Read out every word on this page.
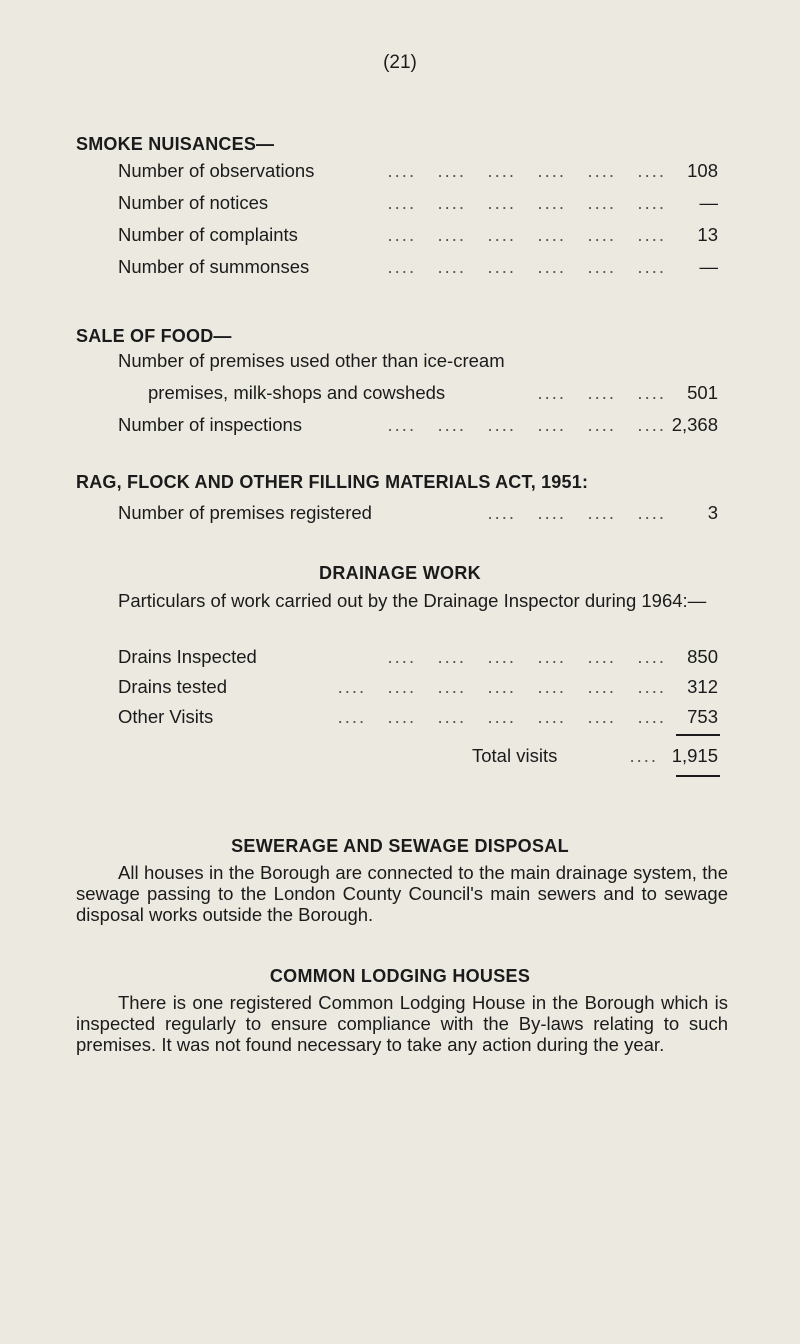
(21)
SMOKE NUISANCES—
....   ....   ....   ....   ....   ....
Number of observations	108
....   ....   ....   ....   ....   ....
Number of notices	—
....   ....   ....   ....   ....   ....
Number of complaints	13
....   ....   ....   ....   ....   ....
Number of summonses	—
SALE OF FOOD—
Number of premises used other than ice-cream
....   ....   ....
premises, milk-shops and cowsheds	501
....   ....   ....   ....   ....   ....
Number of inspections	2,368
RAG, FLOCK AND OTHER FILLING MATERIALS ACT, 1951:
....   ....   ....   ....
Number of premises registered	3
DRAINAGE WORK
Particulars of work carried out by the Drainage Inspector during 1964:—
....   ....   ....   ....   ....   ....
Drains Inspected	850
....   ....   ....   ....   ....   ....   ....
Drains tested	312
....   ....   ....   ....   ....   ....   ....
Other Visits	753
....
Total visits	1,915
SEWERAGE AND SEWAGE DISPOSAL
All houses in the Borough are connected to the main drainage system, the sewage passing to the London County Council's main sewers and to sewage disposal works outside the Borough.
COMMON LODGING HOUSES
There is one registered Common Lodging House in the Borough which is inspected regularly to ensure compliance with the By-laws relating to such premises. It was not found necessary to take any action during the year.
